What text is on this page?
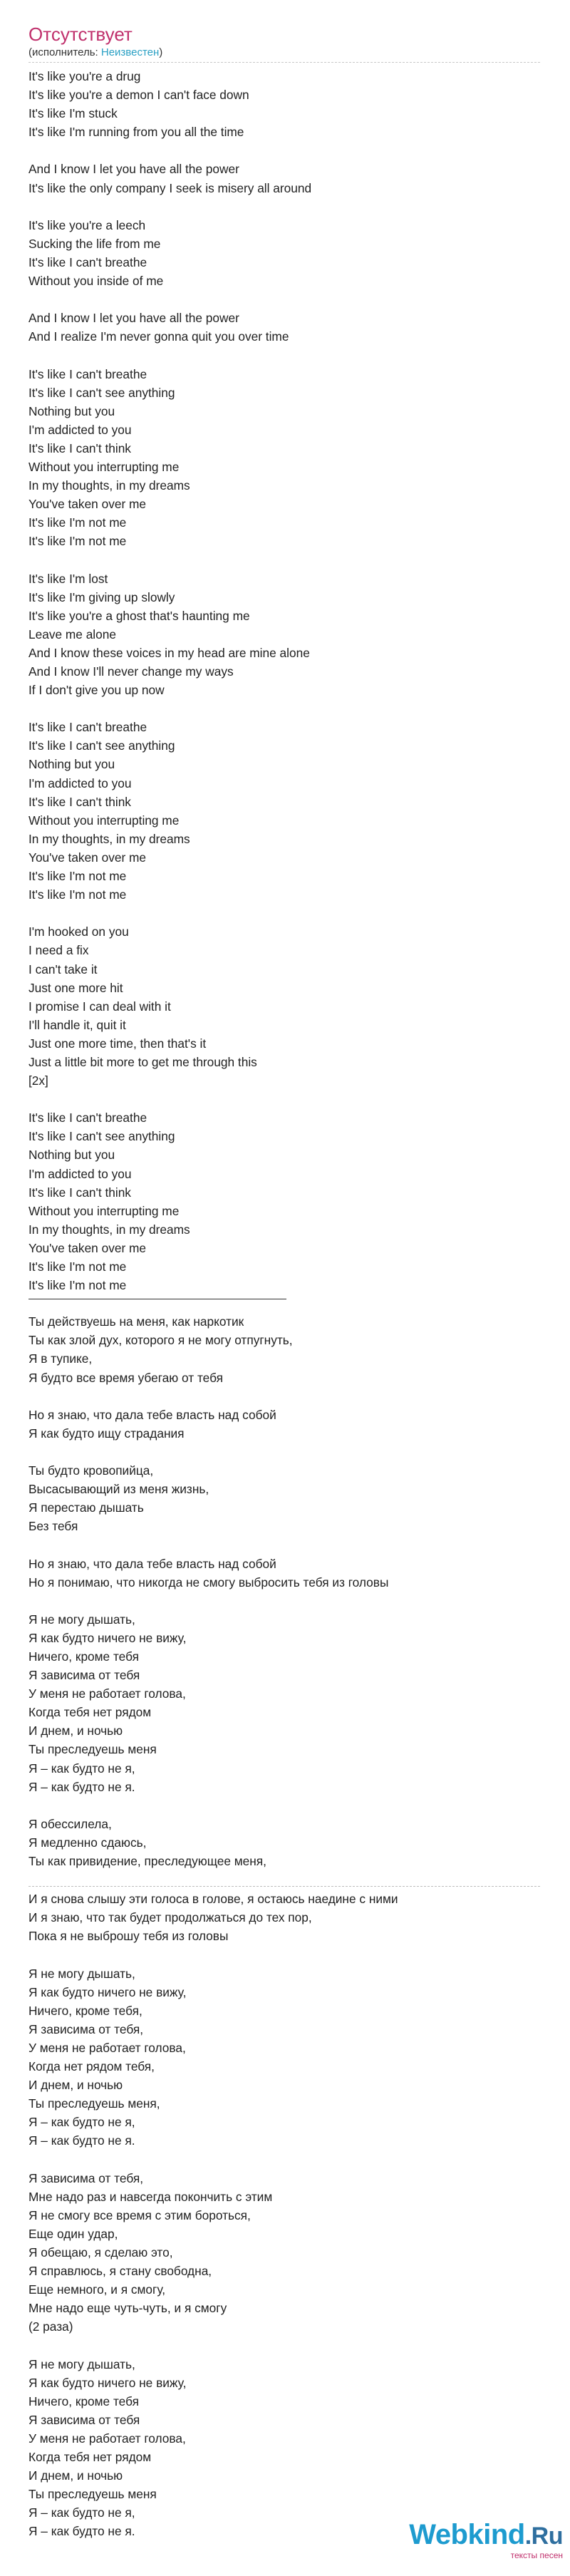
Отсутствует
(исполнитель: Неизвестен)
It's like you're a drug
It's like you're a demon I can't face down
It's like I'm stuck
It's like I'm running from you all the time
And I know I let you have all the power
It's like the only company I seek is misery all around
It's like you're a leech
Sucking the life from me
It's like I can't breathe
Without you inside of me
And I know I let you have all the power
And I realize I'm never gonna quit you over time
It's like I can't breathe
It's like I can't see anything
Nothing but you
I'm addicted to you
It's like I can't think
Without you interrupting me
In my thoughts, in my dreams
You've taken over me
It's like I'm not me
It's like I'm not me
It's like I'm lost
It's like I'm giving up slowly
It's like you're a ghost that's haunting me
Leave me alone
And I know these voices in my head are mine alone
And I know I'll never change my ways
If I don't give you up now
It's like I can't breathe
It's like I can't see anything
Nothing but you
I'm addicted to you
It's like I can't think
Without you interrupting me
In my thoughts, in my dreams
You've taken over me
It's like I'm not me
It's like I'm not me
I'm hooked on you
I need a fix
I can't take it
Just one more hit
I promise I can deal with it
I'll handle it, quit it
Just one more time, then that's it
Just a little bit more to get me through this
[2x]
It's like I can't breathe
It's like I can't see anything
Nothing but you
I'm addicted to you
It's like I can't think
Without you interrupting me
In my thoughts, in my dreams
You've taken over me
It's like I'm not me
It's like I'm not me
Ты действуешь на меня, как наркотик
Ты как злой дух, которого я не могу отпугнуть,
Я в тупике,
Я будто все время убегаю от тебя
Но я знаю, что дала тебе власть над собой
Я как будто ищу страдания
Ты будто кровопийца,
Высасывающий из меня жизнь,
Я перестаю дышать
Без тебя
Но я знаю, что дала тебе власть над собой
Но я понимаю, что никогда не смогу выбросить тебя из головы
Я не могу дышать,
Я как будто ничего не вижу,
Ничего, кроме тебя
Я зависима от тебя
У меня не работает голова,
Когда тебя нет рядом
И днем, и ночью
Ты преследуешь меня
Я – как будто не я,
Я – как будто не я.
Я обессилела,
Я медленно сдаюсь,
Ты как привидение, преследующее меня,
И я снова слышу эти голоса в голове, я остаюсь наедине с ними
И я знаю, что так будет продолжаться до тех пор,
Пока я не выброшу тебя из головы
Я не могу дышать,
Я как будто ничего не вижу,
Ничего, кроме тебя,
Я зависима от тебя,
У меня не работает голова,
Когда нет рядом тебя,
И днем, и ночью
Ты преследуешь меня,
Я – как будто не я,
Я – как будто не я.
Я зависима от тебя,
Мне надо раз и навсегда покончить с этим
Я не смогу все время с этим бороться,
Еще один удар,
Я обещаю, я сделаю это,
Я справлюсь, я стану свободна,
Еще немного, и я смогу,
Мне надо еще чуть-чуть, и я смогу
(2 раза)
Я не могу дышать,
Я как будто ничего не вижу,
Ничего, кроме тебя
Я зависима от тебя
У меня не работает голова,
Когда тебя нет рядом
И днем, и ночью
Ты преследуешь меня
Я – как будто не я,
Я – как будто не я.	Webkind.Ru
тексты песен
